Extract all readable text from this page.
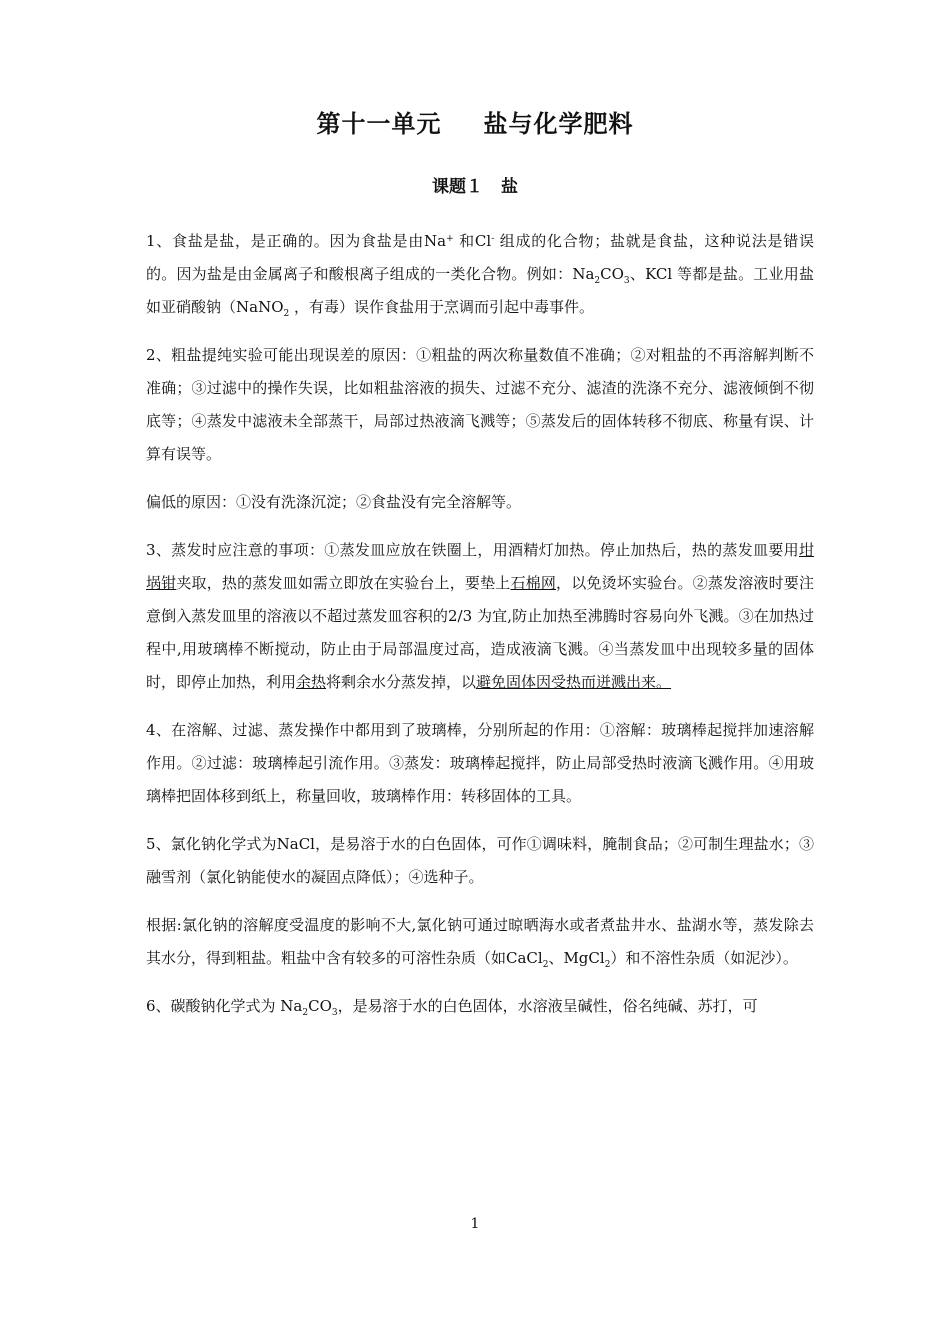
第十一单元 盐与化学肥料
课题１ 盐

1、食盐是盐，是正确的。因为食盐是由Na+ 和Cl- 组成的化合物；盐就是食盐，这种说法是错误的。因为盐是由金属离子和酸根离子组成的一类化合物。例如：$Na_2CO_3$、KCl 等都是盐。工业用盐如亚硝酸钠（NaNO$_2$ ，有毒）误作食盐用于烹调而引起中毒事件。

2、粗盐提纯实验可能出现误差的原因：①粗盐的两次称量数值不准确；②对粗盐的不再溶解判断不准确；③过滤中的操作失误，比如粗盐溶液的损失、过滤不充分、滤渣的洗涤不充分、滤液倾倒不彻底等；④蒸发中滤液未全部蒸干，局部过热液滴飞溅等；⑤蒸发后的固体转移不彻底、称量有误、计算有误等。

偏低的原因：①没有洗涤沉淀；②食盐没有完全溶解等。

3、蒸发时应注意的事项：①蒸发皿应放在铁圈上，用酒精灯加热。停止加热后，热的蒸发皿要用坩埚钳夹取，热的蒸发皿如需立即放在实验台上，要垫上石棉网，以免烫坏实验台。②蒸发溶液时要注意倒入蒸发皿里的溶液以不超过蒸发皿容积的2/3 为宜,防止加热至沸腾时容易向外飞溅。③在加热过程中,用玻璃棒不断搅动，防止由于局部温度过高，造成液滴飞溅。④当蒸发皿中出现较多量的固体时，即停止加热，利用余热将剩余水分蒸发掉，以避免固体因受热而迸溅出来。

4、在溶解、过滤、蒸发操作中都用到了玻璃棒，分别所起的作用：①溶解：玻璃棒起搅拌加速溶解作用。②过滤：玻璃棒起引流作用。③蒸发：玻璃棒起搅拌，防止局部受热时液滴飞溅作用。④用玻璃棒把固体移到纸上，称量回收，玻璃棒作用：转移固体的工具。

5、氯化钠化学式为NaCl，是易溶于水的白色固体，可作①调味料，腌制食品；②可制生理盐水；③融雪剂（氯化钠能使水的凝固点降低）；④选种子。

根据:氯化钠的溶解度受温度的影响不大,氯化钠可通过晾晒海水或者煮盐井水、盐湖水等，蒸发除去其水分，得到粗盐。粗盐中含有较多的可溶性杂质（如CaCl$_2$、MgCl$_2$）和不溶性杂质（如泥沙）。

6、碳酸钠化学式为 $Na_2CO_3$，是易溶于水的白色固体，水溶液呈碱性，俗名纯碱、苏打，可

1
